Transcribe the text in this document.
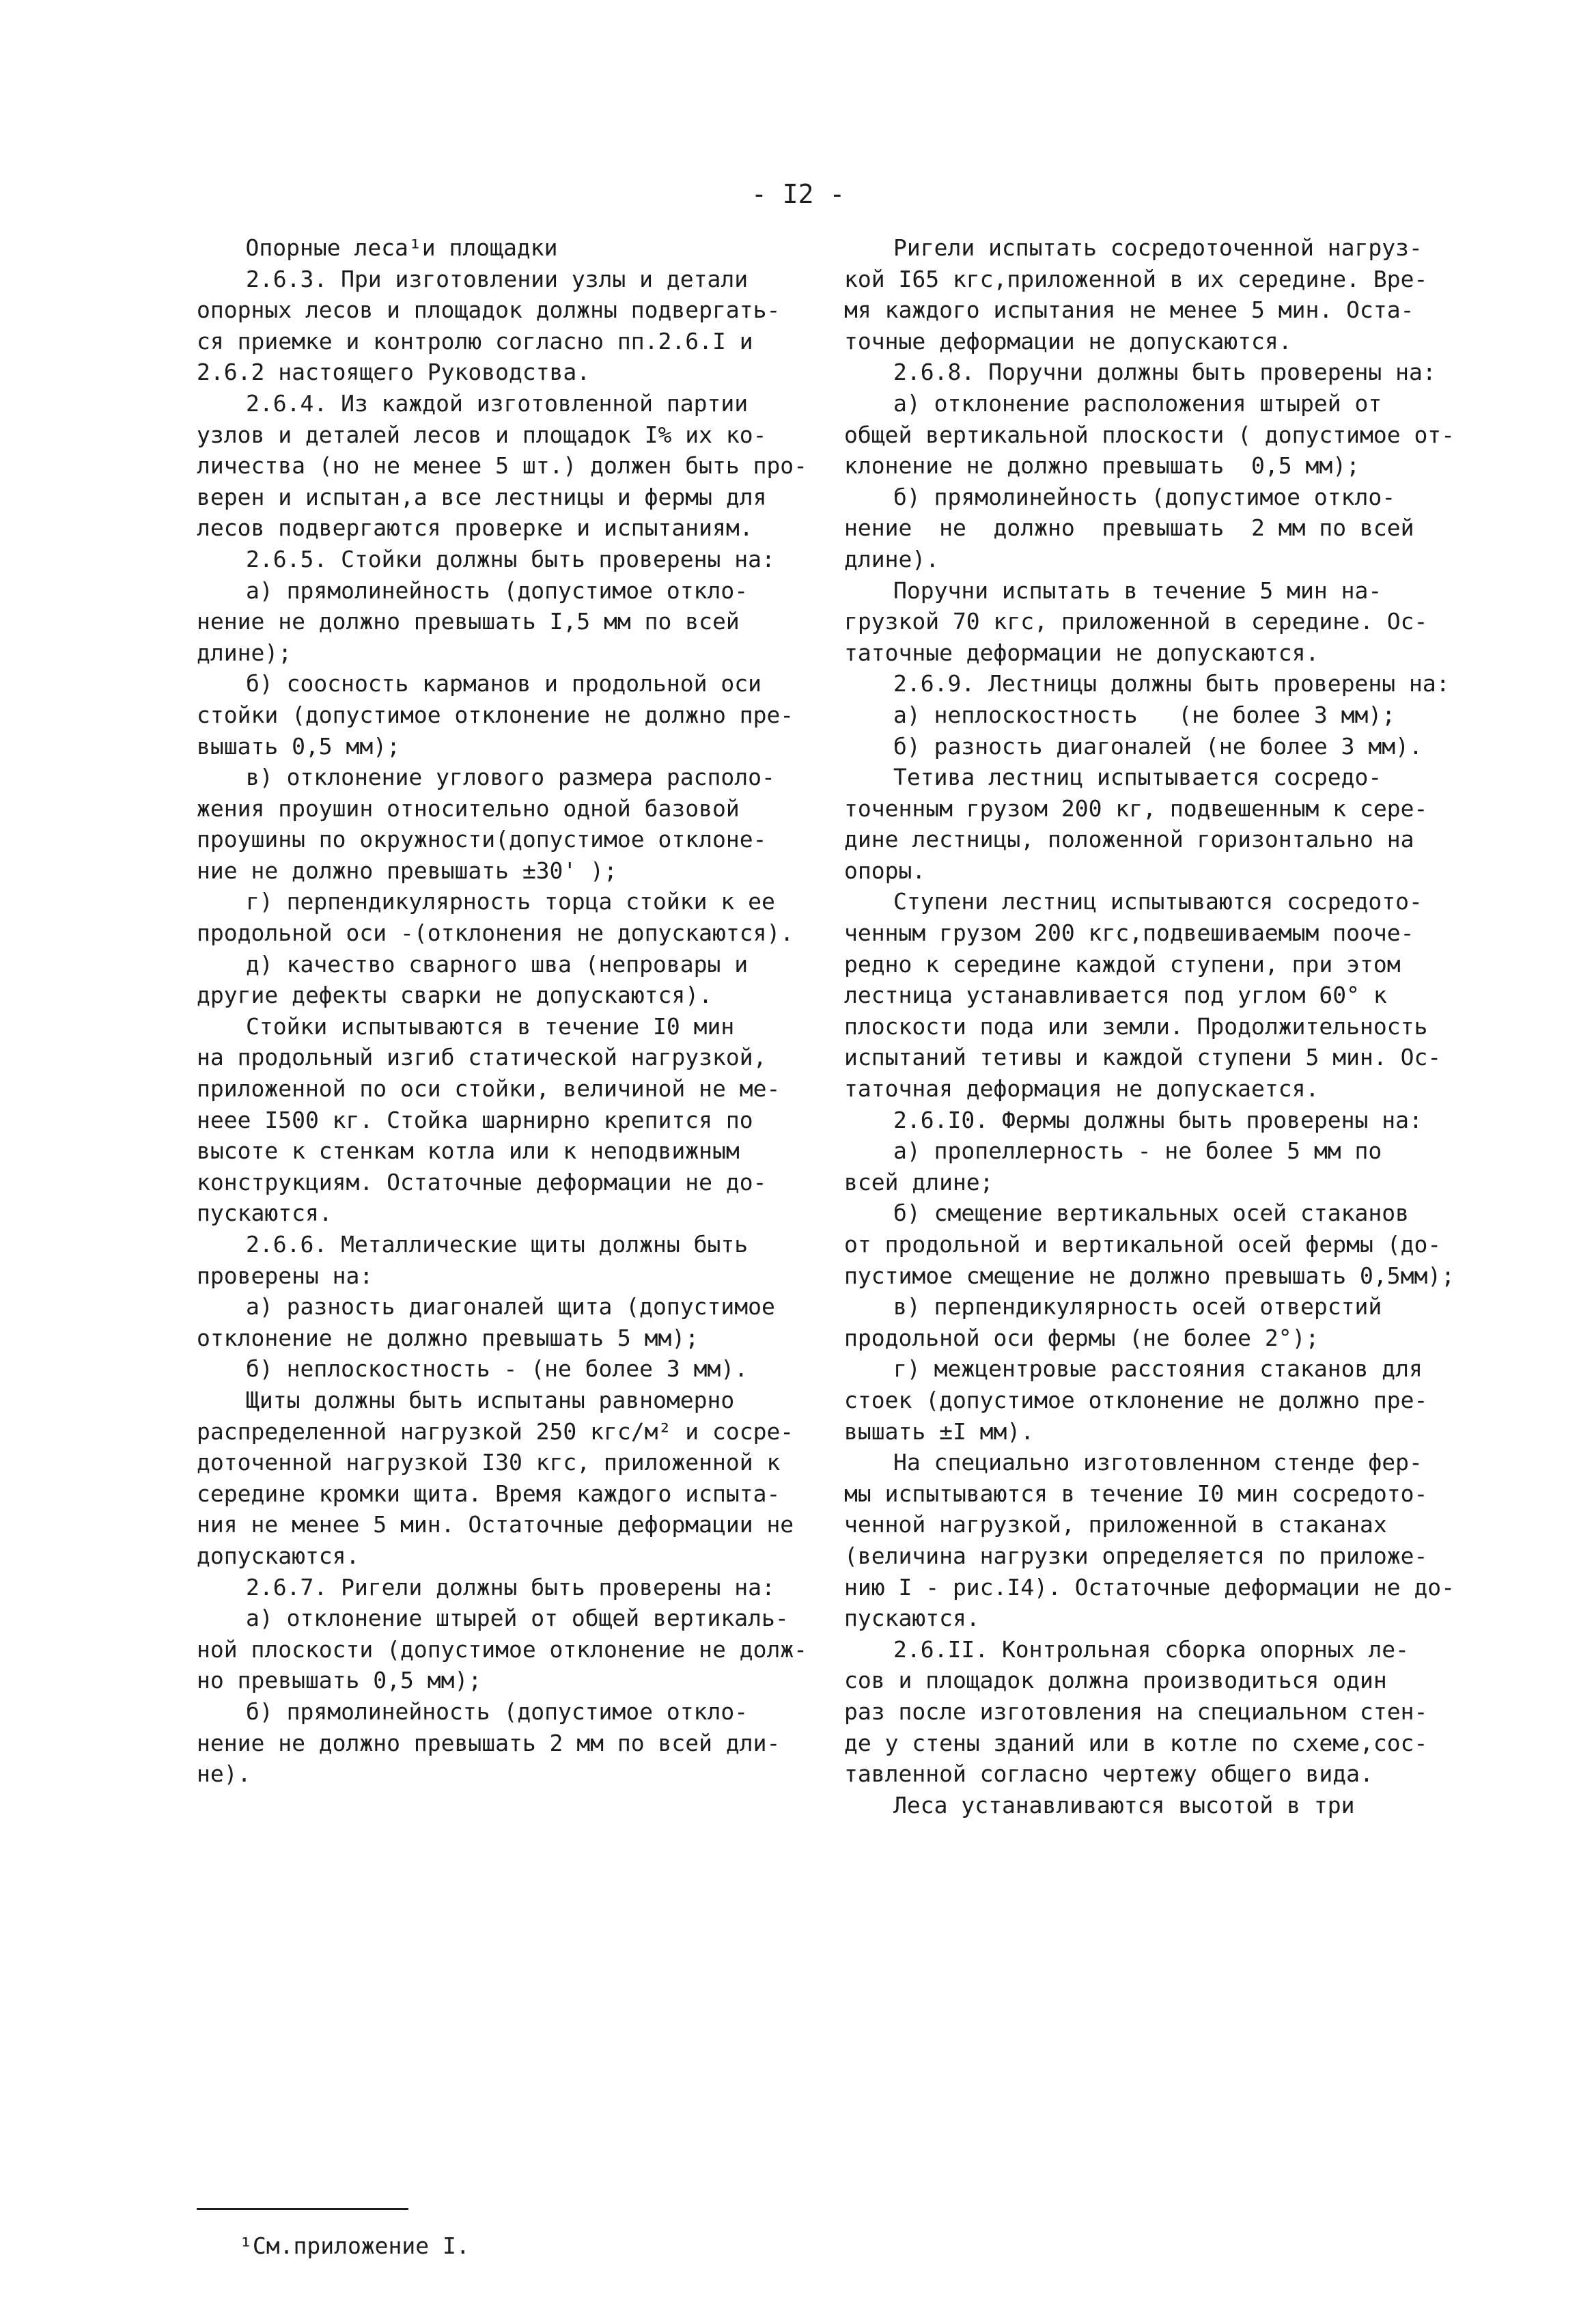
- I2 -
Опорные леса¹и площадки
2.6.3. При изготовлении узлы и детали
опорных лесов и площадок должны подвергать-
ся приемке и контролю согласно пп.2.6.I и
2.6.2 настоящего Руководства.
2.6.4. Из каждой изготовленной партии
узлов и деталей лесов и площадок I% их ко-
личества (но не менее 5 шт.) должен быть про-
верен и испытан,а все лестницы и фермы для
лесов подвергаются проверке и испытаниям.
2.6.5. Стойки должны быть проверены на:
а) прямолинейность (допустимое откло-
нение не должно превышать I,5 мм по всей
длине);
б) соосность карманов и продольной оси
стойки (допустимое отклонение не должно пре-
вышать 0,5 мм);
в) отклонение углового размера располо-
жения проушин относительно одной базовой
проушины по окружности(допустимое отклоне-
ние не должно превышать ±30' );
г) перпендикулярность торца стойки к ее
продольной оси -(отклонения не допускаются).
д) качество сварного шва (непровары и
другие дефекты сварки не допускаются).
Стойки испытываются в течение I0 мин
на продольный изгиб статической нагрузкой,
приложенной по оси стойки, величиной не ме-
неее I500 кг. Стойка шарнирно крепится по
высоте к стенкам котла или к неподвижным
конструкциям. Остаточные деформации не до-
пускаются.
2.6.6. Металлические щиты должны быть
проверены на:
а) разность диагоналей щита (допустимое
отклонение не должно превышать 5 мм);
б) неплоскостность - (не более 3 мм).
Щиты должны быть испытаны равномерно
распределенной нагрузкой 250 кгс/м² и сосре-
доточенной нагрузкой I30 кгс, приложенной к
середине кромки щита. Время каждого испыта-
ния не менее 5 мин. Остаточные деформации не
допускаются.
2.6.7. Ригели должны быть проверены на:
а) отклонение штырей от общей вертикаль-
ной плоскости (допустимое отклонение не долж-
но превышать 0,5 мм);
б) прямолинейность (допустимое откло-
нение не должно превышать 2 мм по всей дли-
не).
Ригели испытать сосредоточенной нагруз-
кой I65 кгс,приложенной в их середине. Вре-
мя каждого испытания не менее 5 мин. Оста-
точные деформации не допускаются.
2.6.8. Поручни должны быть проверены на:
а) отклонение расположения штырей от
общей вертикальной плоскости ( допустимое от-
клонение не должно превышать  0,5 мм);
б) прямолинейность (допустимое откло-
нение  не  должно  превышать  2 мм по всей
длине).
Поручни испытать в течение 5 мин на-
грузкой 70 кгс, приложенной в середине. Ос-
таточные деформации не допускаются.
2.6.9. Лестницы должны быть проверены на:
а) неплоскостность   (не более 3 мм);
б) разность диагоналей (не более 3 мм).
Тетива лестниц испытывается сосредо-
точенным грузом 200 кг, подвешенным к сере-
дине лестницы, положенной горизонтально на
опоры.
Ступени лестниц испытываются сосредото-
ченным грузом 200 кгс,подвешиваемым пооче-
редно к середине каждой ступени, при этом
лестница устанавливается под углом 60° к
плоскости пода или земли. Продолжительность
испытаний тетивы и каждой ступени 5 мин. Ос-
таточная деформация не допускается.
2.6.I0. Фермы должны быть проверены на:
а) пропеллерность - не более 5 мм по
всей длине;
б) смещение вертикальных осей стаканов
от продольной и вертикальной осей фермы (до-
пустимое смещение не должно превышать 0,5мм);
в) перпендикулярность осей отверстий
продольной оси фермы (не более 2°);
г) межцентровые расстояния стаканов для
стоек (допустимое отклонение не должно пре-
вышать ±I мм).
На специально изготовленном стенде фер-
мы испытываются в течение I0 мин сосредото-
ченной нагрузкой, приложенной в стаканах
(величина нагрузки определяется по приложе-
нию I - рис.I4). Остаточные деформации не до-
пускаются.
2.6.II. Контрольная сборка опорных ле-
сов и площадок должна производиться один
раз после изготовления на специальном стен-
де у стены зданий или в котле по схеме,сос-
тавленной согласно чертежу общего вида.
Леса устанавливаются высотой в три
¹См.приложение I.
